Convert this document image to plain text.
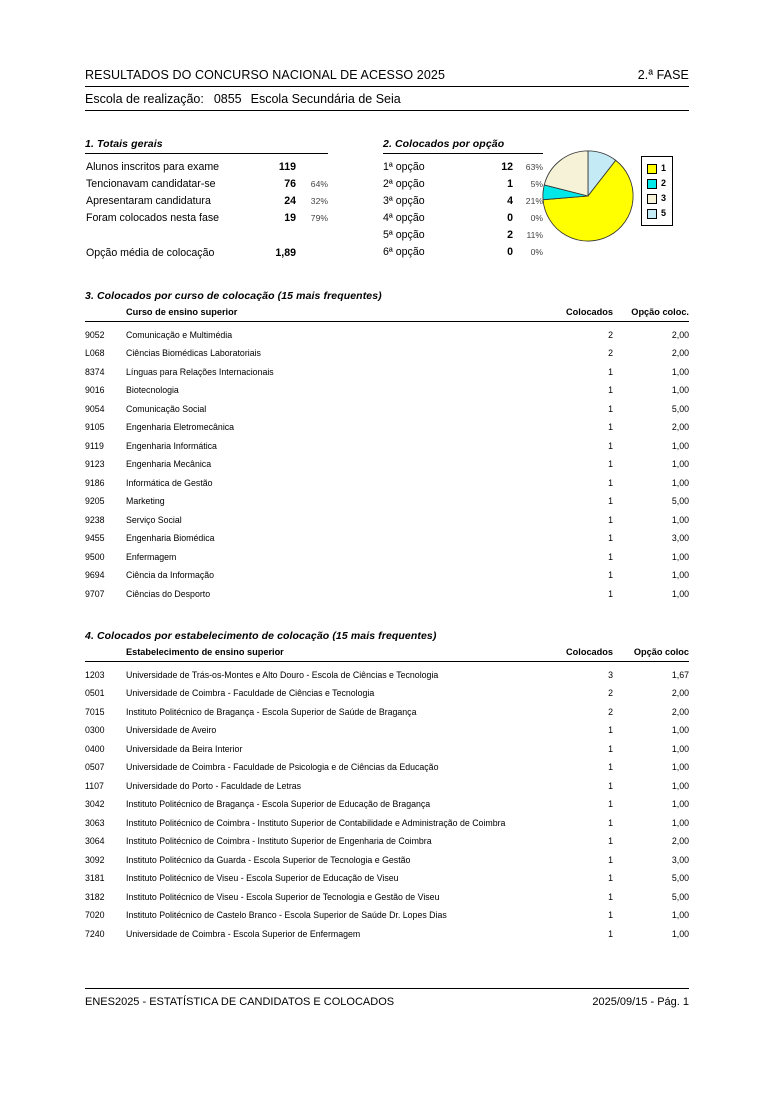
RESULTADOS DO CONCURSO NACIONAL DE ACESSO 2025	2.ª FASE
Escola de realização: 0855 Escola Secundária de Seia
1. Totais gerais
Alunos inscritos para exame	119
Tencionavam candidatar-se	76	64%
Apresentaram candidatura	24	32%
Foram colocados nesta fase	19	79%
Opção média de colocação	1,89
2. Colocados por opção
1ª opção	12	63%
2ª opção	1	5%
3ª opção	4	21%
4ª opção	0	0%
5ª opção	2	11%
6ª opção	0	0%
1
2
3
5
3. Colocados por curso de colocação (15 mais frequentes)
	Curso de ensino superior	Colocados	Opção coloc.
9052	Comunicação e Multimédia	2	2,00
L068	Ciências Biomédicas Laboratoriais	2	2,00
8374	Línguas para Relações Internacionais	1	1,00
9016	Biotecnologia	1	1,00
9054	Comunicação Social	1	5,00
9105	Engenharia Eletromecânica	1	2,00
9119	Engenharia Informática	1	1,00
9123	Engenharia Mecânica	1	1,00
9186	Informática de Gestão	1	1,00
9205	Marketing	1	5,00
9238	Serviço Social	1	1,00
9455	Engenharia Biomédica	1	3,00
9500	Enfermagem	1	1,00
9694	Ciência da Informação	1	1,00
9707	Ciências do Desporto	1	1,00
4. Colocados por estabelecimento de colocação (15 mais frequentes)
	Estabelecimento de ensino superior	Colocados	Opção coloc
1203	Universidade de Trás-os-Montes e Alto Douro - Escola de Ciências e Tecnologia	3	1,67
0501	Universidade de Coimbra - Faculdade de Ciências e Tecnologia	2	2,00
7015	Instituto Politécnico de Bragança - Escola Superior de Saúde de Bragança	2	2,00
0300	Universidade de Aveiro	1	1,00
0400	Universidade da Beira Interior	1	1,00
0507	Universidade de Coimbra - Faculdade de Psicologia e de Ciências da Educação	1	1,00
1107	Universidade do Porto - Faculdade de Letras	1	1,00
3042	Instituto Politécnico de Bragança - Escola Superior de Educação de Bragança	1	1,00
3063	Instituto Politécnico de Coimbra - Instituto Superior de Contabilidade e Administração de Coimbra	1	1,00
3064	Instituto Politécnico de Coimbra - Instituto Superior de Engenharia de Coimbra	1	2,00
3092	Instituto Politécnico da Guarda - Escola Superior de Tecnologia e Gestão	1	3,00
3181	Instituto Politécnico de Viseu - Escola Superior de Educação de Viseu	1	5,00
3182	Instituto Politécnico de Viseu - Escola Superior de Tecnologia e Gestão de Viseu	1	5,00
7020	Instituto Politécnico de Castelo Branco - Escola Superior de Saúde Dr. Lopes Dias	1	1,00
7240	Universidade de Coimbra - Escola Superior de Enfermagem	1	1,00
ENES2025 - ESTATÍSTICA DE CANDIDATOS E COLOCADOS	2025/09/15 - Pág. 1
